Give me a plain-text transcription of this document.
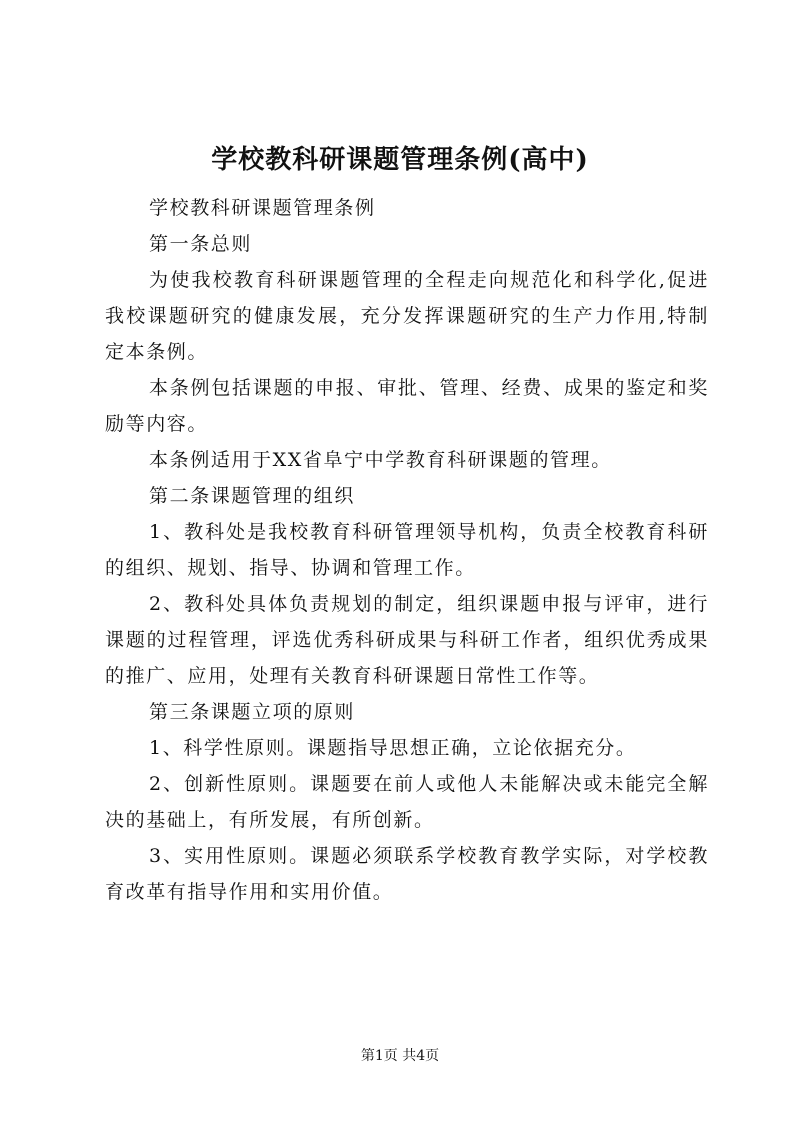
学校教科研课题管理条例(高中)

学校教科研课题管理条例

第一条总则

为使我校教育科研课题管理的全程走向规范化和科学化,促进我校课题研究的健康发展，充分发挥课题研究的生产力作用,特制定本条例。

本条例包括课题的申报、审批、管理、经费、成果的鉴定和奖励等内容。

本条例适用于XX省阜宁中学教育科研课题的管理。

第二条课题管理的组织

1、教科处是我校教育科研管理领导机构，负责全校教育科研的组织、规划、指导、协调和管理工作。

2、教科处具体负责规划的制定，组织课题申报与评审，进行课题的过程管理，评选优秀科研成果与科研工作者，组织优秀成果的推广、应用，处理有关教育科研课题日常性工作等。

第三条课题立项的原则

1、科学性原则。课题指导思想正确，立论依据充分。

2、创新性原则。课题要在前人或他人未能解决或未能完全解决的基础上，有所发展，有所创新。

3、实用性原则。课题必须联系学校教育教学实际，对学校教育改革有指导作用和实用价值。

第1页 共4页
